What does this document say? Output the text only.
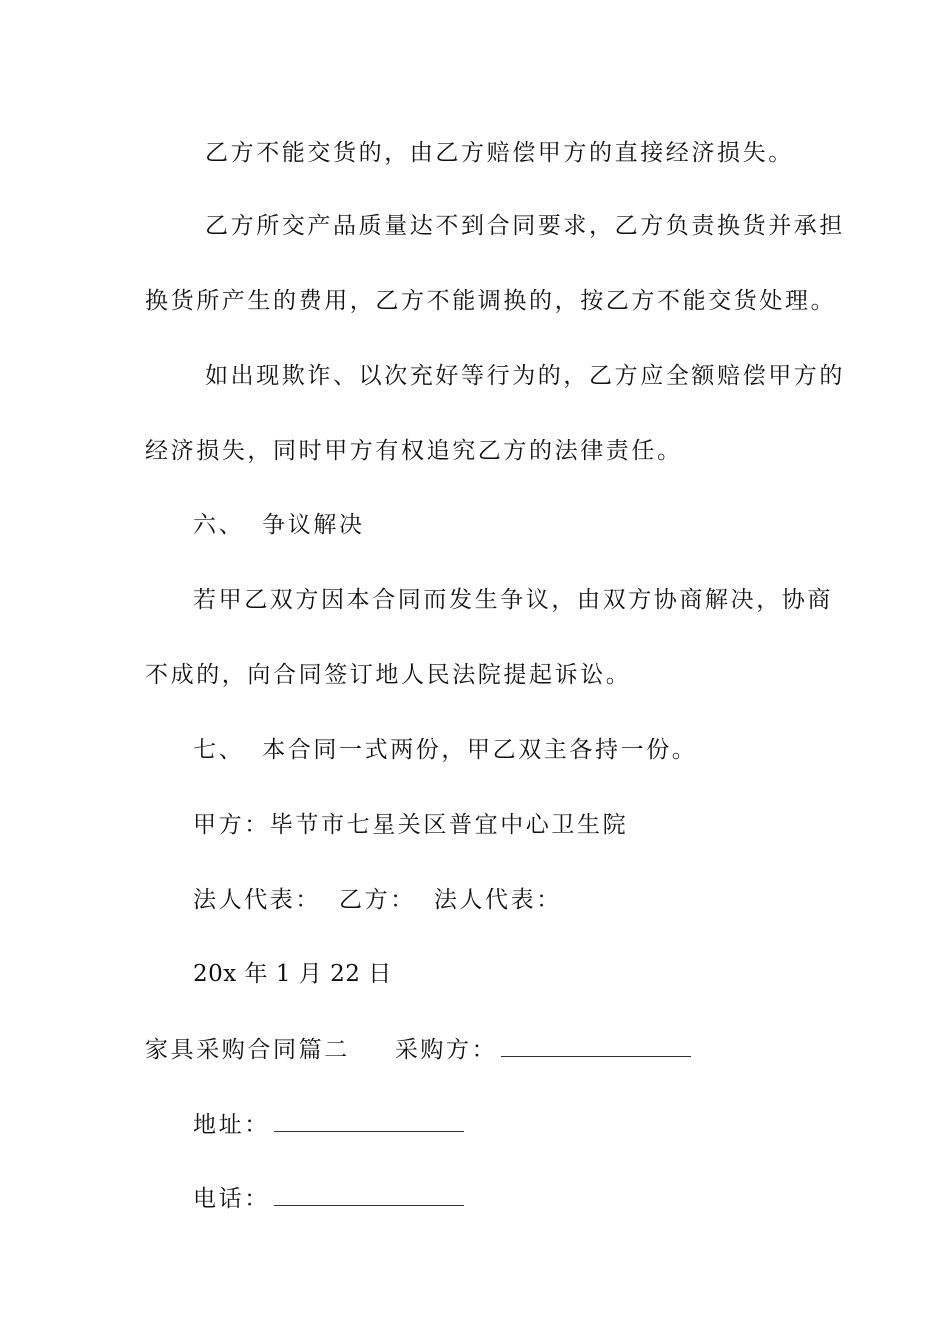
乙方不能交货的，由乙方赔偿甲方的直接经济损失。
乙方所交产品质量达不到合同要求，乙方负责换货并承担
换货所产生的费用，乙方不能调换的，按乙方不能交货处理。
如出现欺诈、以次充好等行为的，乙方应全额赔偿甲方的
经济损失，同时甲方有权追究乙方的法律责任。
六、 争议解决
若甲乙双方因本合同而发生争议，由双方协商解决，协商
不成的，向合同签订地人民法院提起诉讼。
七、 本合同一式两份，甲乙双主各持一份。
甲方：毕节市七星关区普宜中心卫生院
法人代表： 乙方： 法人代表：
20x 年 1 月 22 日
家具采购合同篇二 采购方：
地址：
电话：
